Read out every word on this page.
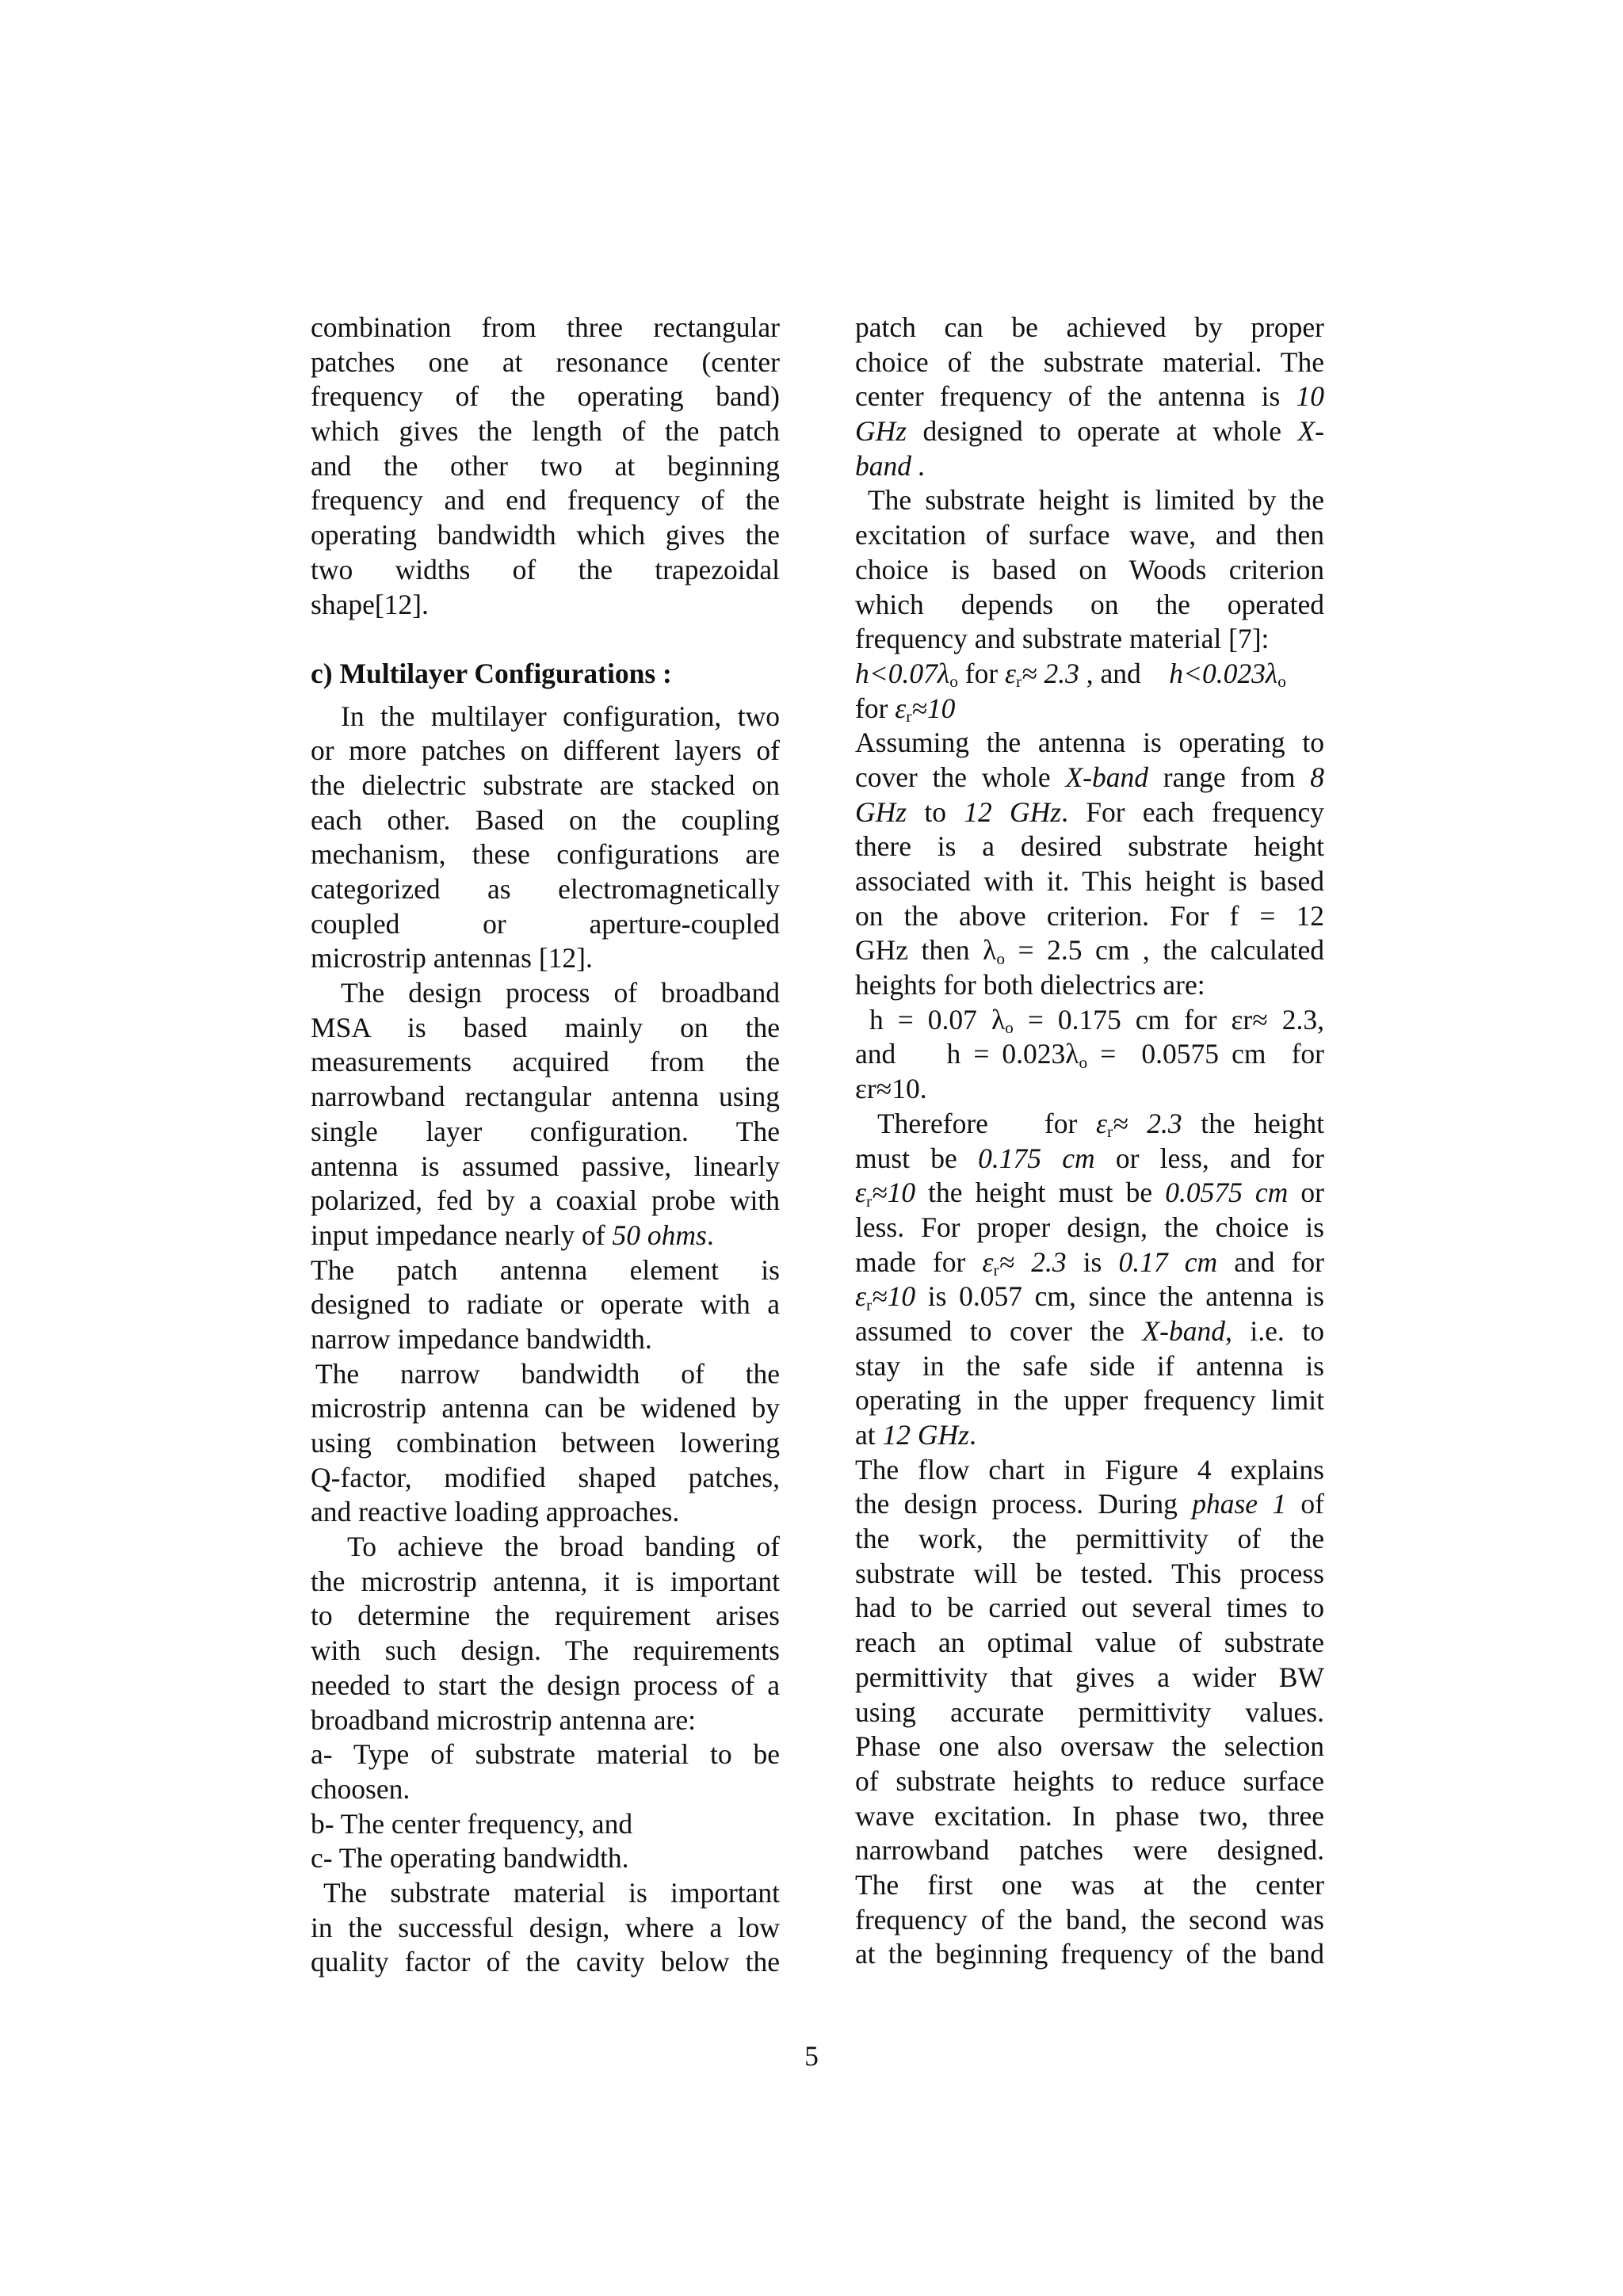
combination from three rectangular
patches one at resonance (center
frequency of the operating band)
which gives the length of the patch
and the other two at beginning
frequency and end frequency of the
operating bandwidth which gives the
two widths of the trapezoidal
shape[12].
c) Multilayer Configurations :
In the multilayer configuration, two
or more patches on different layers of
the dielectric substrate are stacked on
each other. Based on the coupling
mechanism, these configurations are
categorized as electromagnetically
coupled or aperture-coupled
microstrip antennas [12].
The design process of broadband
MSA is based mainly on the
measurements acquired from the
narrowband rectangular antenna using
single layer configuration. The
antenna is assumed passive, linearly
polarized, fed by a coaxial probe with
input impedance nearly of 50 ohms.
The patch antenna element is
designed to radiate or operate with a
narrow impedance bandwidth.
The narrow bandwidth of the
microstrip antenna can be widened by
using combination between lowering
Q-factor, modified shaped patches,
and reactive loading approaches.
To achieve the broad banding of
the microstrip antenna, it is important
to determine the requirement arises
with such design. The requirements
needed to start the design process of a
broadband microstrip antenna are:
a- Type of substrate material to be
choosen.
b- The center frequency, and
c- The operating bandwidth.
The substrate material is important
in the successful design, where a low
quality factor of the cavity below the
patch can be achieved by proper
choice of the substrate material. The
center frequency of the antenna is 10
GHz designed to operate at whole X-
band .
The substrate height is limited by the
excitation of surface wave, and then
choice is based on Woods criterion
which depends on the operated
frequency and substrate material [7]:
$h<0.07\lambda_o$ for $\varepsilon_r\approx 2.3$ , and    $h<0.023\lambda_o$
for $\varepsilon_r\approx 10$
Assuming the antenna is operating to
cover the whole X-band range from 8
GHz to 12 GHz. For each frequency
there is a desired substrate height
associated with it. This height is based
on the above criterion. For f = 12
GHz then $\lambda_o = 2.5$ cm , the calculated
heights for both dielectrics are:
h = 0.07 $\lambda_o = 0.175$ cm for εr≈ 2.3,
and    $h = 0.023\lambda_o = 0.0575$ cm  for
εr≈10.
Therefore   for $\varepsilon_r\approx 2.3$ the height
must be 0.175 cm or less, and for
$\varepsilon_r\approx 10$ the height must be 0.0575 cm or
less. For proper design, the choice is
made for $\varepsilon_r\approx 2.3$ is 0.17 cm and for
$\varepsilon_r\approx 10$ is 0.057 cm, since the antenna is
assumed to cover the X-band, i.e. to
stay in the safe side if antenna is
operating in the upper frequency limit
at 12 GHz.
The flow chart in Figure 4 explains
the design process. During phase 1 of
the work, the permittivity of the
substrate will be tested. This process
had to be carried out several times to
reach an optimal value of substrate
permittivity that gives a wider BW
using accurate permittivity values.
Phase one also oversaw the selection
of substrate heights to reduce surface
wave excitation. In phase two, three
narrowband patches were designed.
The first one was at the center
frequency of the band, the second was
at the beginning frequency of the band
5
